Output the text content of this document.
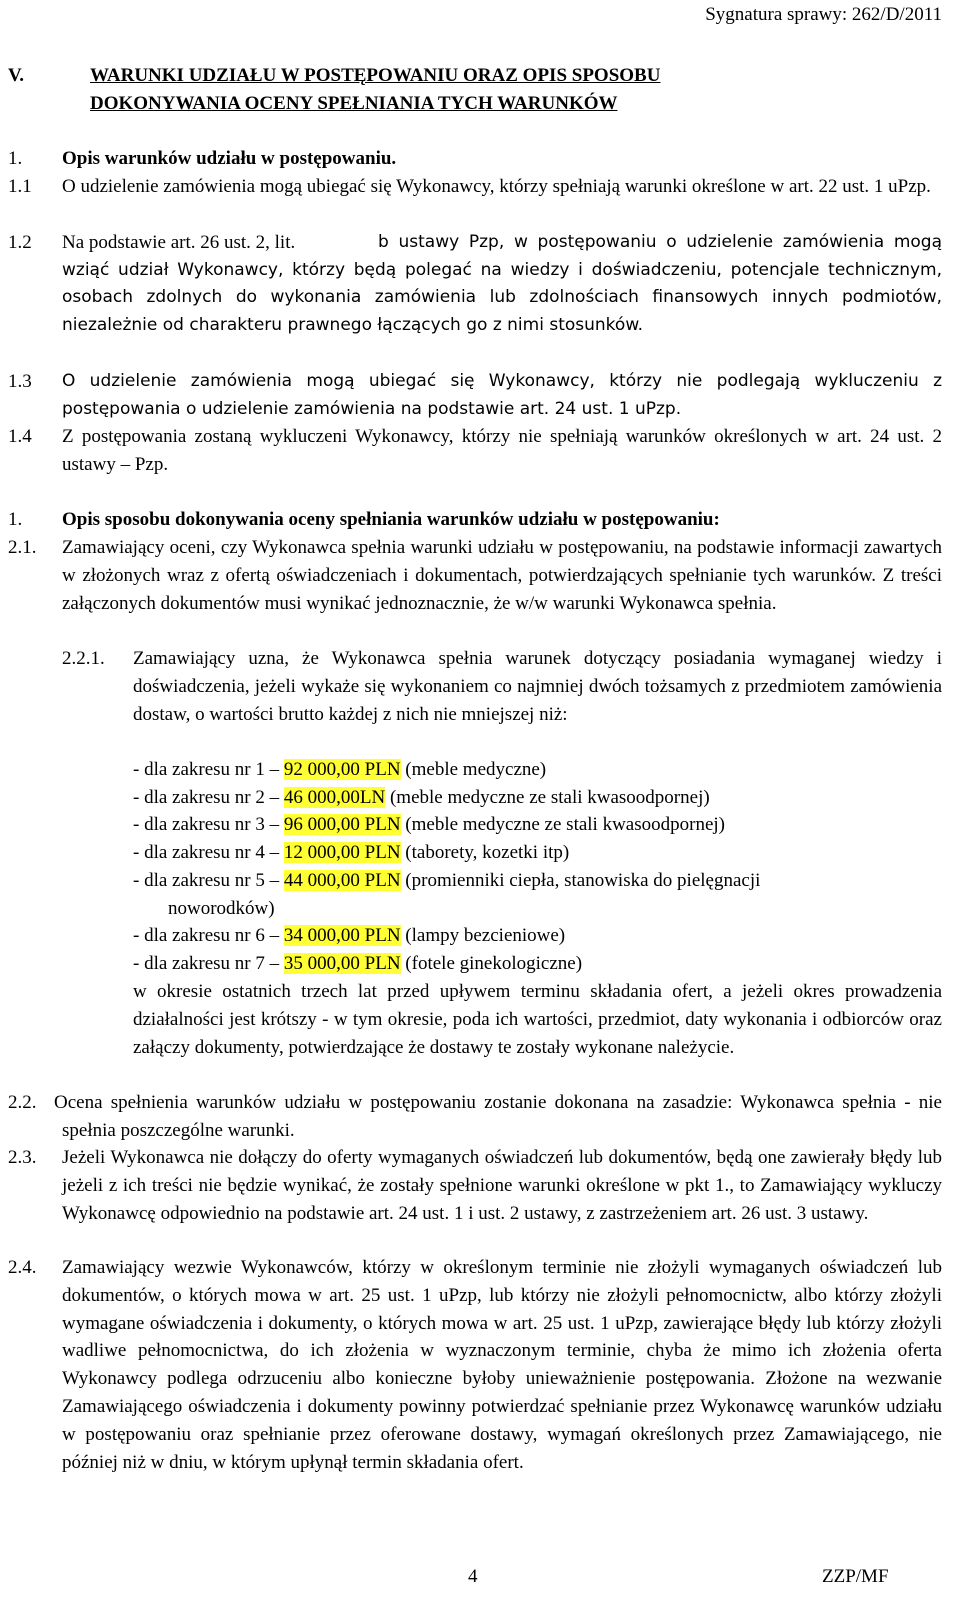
Sygnatura sprawy: 262/D/2011
V.	WARUNKI UDZIAŁU W POSTĘPOWANIU ORAZ OPIS SPOSOBU
DOKONYWANIA OCENY SPEŁNIANIA TYCH WARUNKÓW
1. Opis warunków udziału w postępowaniu.
1.1 O udzielenie zamówienia mogą ubiegać się Wykonawcy, którzy spełniają warunki określone w art. 22 ust. 1 uPzp.
1.2 Na podstawie art. 26 ust. 2, lit.	b ustawy Pzp, w postępowaniu o udzielenie zamówienia mogą wziąć udział Wykonawcy, którzy będą polegać na wiedzy i doświadczeniu, potencjale technicznym, osobach zdolnych do wykonania zamówienia lub zdolnościach finansowych innych podmiotów, niezależnie od charakteru prawnego łączących go z nimi stosunków.
1.3 O udzielenie zamówienia mogą ubiegać się Wykonawcy, którzy nie podlegają wykluczeniu z postępowania o udzielenie zamówienia na podstawie art. 24 ust. 1 uPzp.
1.4 Z postępowania zostaną wykluczeni Wykonawcy, którzy nie spełniają warunków określonych w art. 24 ust. 2 ustawy – Pzp.
1. Opis sposobu dokonywania oceny spełniania warunków udziału w postępowaniu:
2.1. Zamawiający oceni, czy Wykonawca spełnia warunki udziału w postępowaniu, na podstawie informacji zawartych w złożonych wraz z ofertą oświadczeniach i dokumentach, potwierdzających spełnianie tych warunków. Z treści załączonych dokumentów musi wynikać jednoznacznie, że w/w warunki Wykonawca spełnia.
2.2.1. Zamawiający uzna, że Wykonawca spełnia warunek dotyczący posiadania wymaganej wiedzy i doświadczenia, jeżeli wykaże się wykonaniem co najmniej dwóch tożsamych z przedmiotem zamówienia dostaw, o wartości brutto każdej z nich nie mniejszej niż:
- dla zakresu nr 1 – 92 000,00 PLN (meble medyczne)
- dla zakresu nr 2 – 46 000,00LN (meble medyczne ze stali kwasoodpornej)
- dla zakresu nr 3 – 96 000,00 PLN (meble medyczne ze stali kwasoodpornej)
- dla zakresu nr 4 – 12 000,00 PLN (taborety, kozetki itp)
- dla zakresu nr 5 – 44 000,00 PLN (promienniki ciepła, stanowiska do pielęgnacji
noworodków)
- dla zakresu nr 6 – 34 000,00 PLN (lampy bezcieniowe)
- dla zakresu nr 7 – 35 000,00 PLN (fotele ginekologiczne)
w okresie ostatnich trzech lat przed upływem terminu składania ofert, a jeżeli okres prowadzenia działalności jest krótszy - w tym okresie, poda ich wartości, przedmiot, daty wykonania i odbiorców oraz załączy dokumenty, potwierdzające że dostawy te zostały wykonane należycie.
2.2. Ocena spełnienia warunków udziału w postępowaniu zostanie dokonana na zasadzie: Wykonawca spełnia - nie spełnia poszczególne warunki.
2.3. Jeżeli Wykonawca nie dołączy do oferty wymaganych oświadczeń lub dokumentów, będą one zawierały błędy lub jeżeli z ich treści nie będzie wynikać, że zostały spełnione warunki określone w pkt 1., to Zamawiający wykluczy Wykonawcę odpowiednio na podstawie art. 24 ust. 1 i ust. 2 ustawy, z zastrzeżeniem art. 26 ust. 3 ustawy.
2.4. Zamawiający wezwie Wykonawców, którzy w określonym terminie nie złożyli wymaganych oświadczeń lub dokumentów, o których mowa w art. 25 ust. 1 uPzp, lub którzy nie złożyli pełnomocnictw, albo którzy złożyli wymagane oświadczenia i dokumenty, o których mowa w art. 25 ust. 1 uPzp, zawierające błędy lub którzy złożyli wadliwe pełnomocnictwa, do ich złożenia w wyznaczonym terminie, chyba że mimo ich złożenia oferta Wykonawcy podlega odrzuceniu albo konieczne byłoby unieważnienie postępowania. Złożone na wezwanie Zamawiającego oświadczenia i dokumenty powinny potwierdzać spełnianie przez Wykonawcę warunków udziału w postępowaniu oraz spełnianie przez oferowane dostawy, wymagań określonych przez Zamawiającego, nie później niż w dniu, w którym upłynął termin składania ofert.
4	ZZP/MF
